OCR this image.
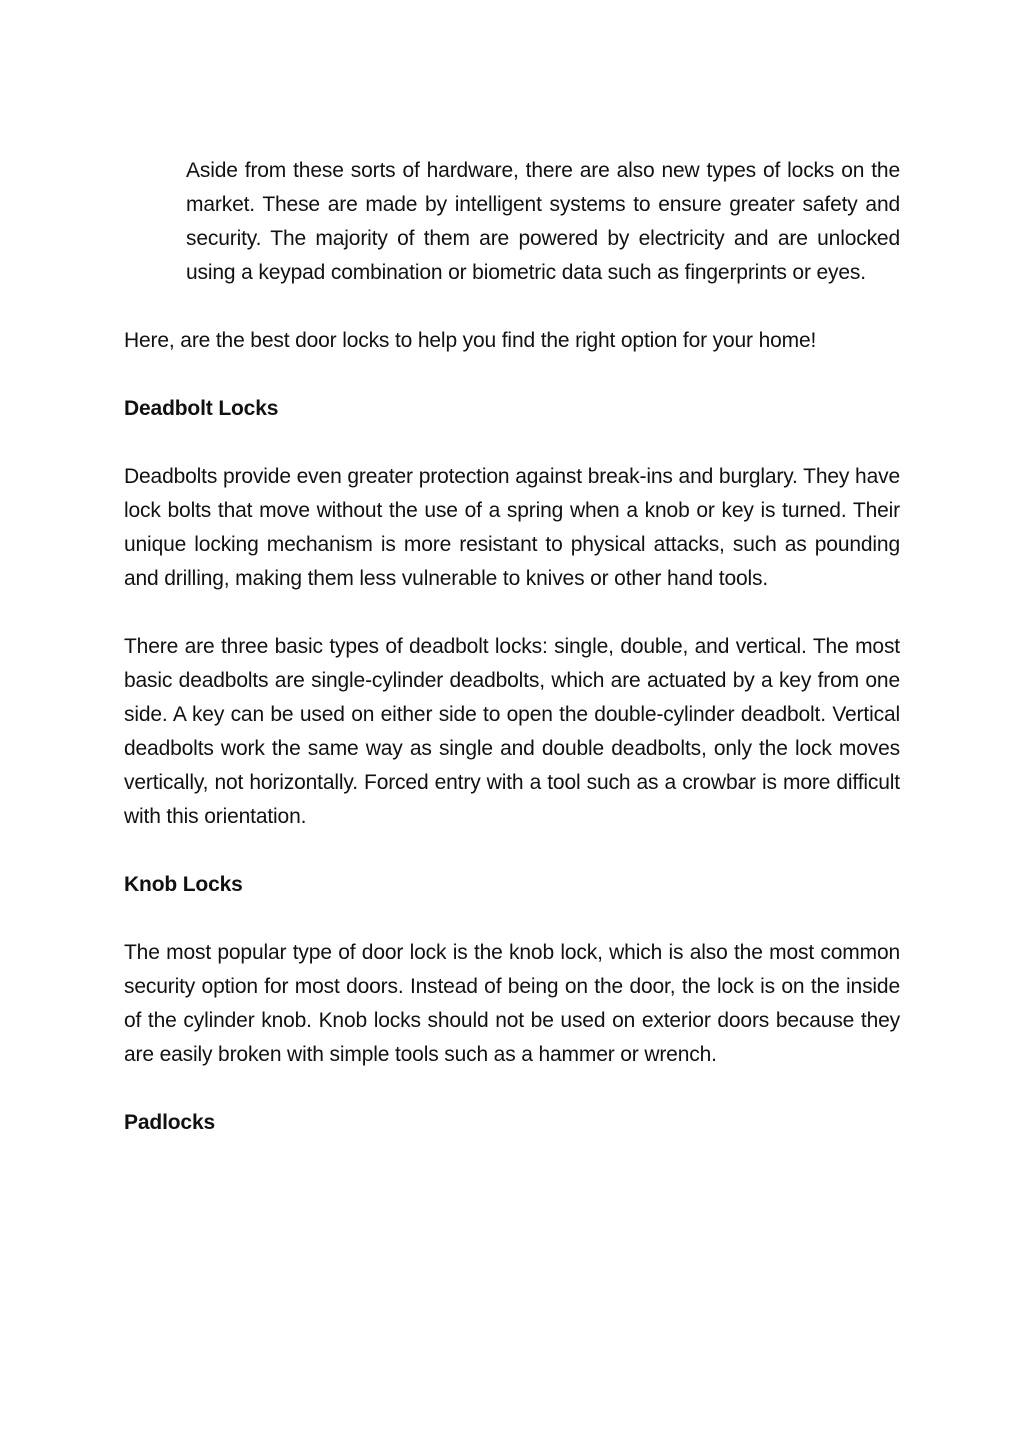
Aside from these sorts of hardware, there are also new types of locks on the market. These are made by intelligent systems to ensure greater safety and security. The majority of them are powered by electricity and are unlocked using a keypad combination or biometric data such as fingerprints or eyes.

Here, are the best door locks to help you find the right option for your home!

Deadbolt Locks

Deadbolts provide even greater protection against break-ins and burglary. They have lock bolts that move without the use of a spring when a knob or key is turned. Their unique locking mechanism is more resistant to physical attacks, such as pounding and drilling, making them less vulnerable to knives or other hand tools.

There are three basic types of deadbolt locks: single, double, and vertical. The most basic deadbolts are single-cylinder deadbolts, which are actuated by a key from one side. A key can be used on either side to open the double-cylinder deadbolt. Vertical deadbolts work the same way as single and double deadbolts, only the lock moves vertically, not horizontally. Forced entry with a tool such as a crowbar is more difficult with this orientation.

Knob Locks

The most popular type of door lock is the knob lock, which is also the most common security option for most doors. Instead of being on the door, the lock is on the inside of the cylinder knob. Knob locks should not be used on exterior doors because they are easily broken with simple tools such as a hammer or wrench.

Padlocks
